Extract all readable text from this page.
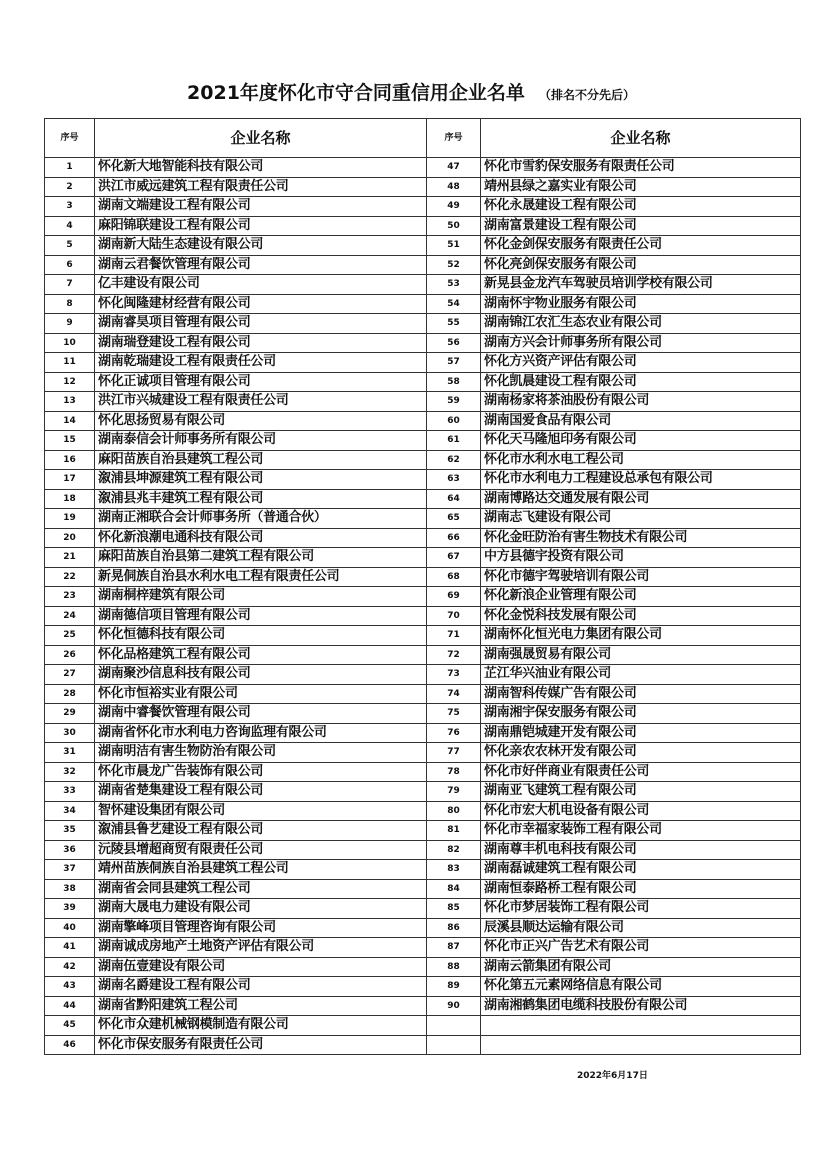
2021年度怀化市守合同重信用企业名单 （排名不分先后）
序号	企业名称	序号	企业名称
1	怀化新大地智能科技有限公司	47	怀化市雪豹保安服务有限责任公司
2	洪江市威远建筑工程有限责任公司	48	靖州县绿之嘉实业有限公司
3	湖南文端建设工程有限公司	49	怀化永晟建设工程有限公司
4	麻阳锦联建设工程有限公司	50	湖南富景建设工程有限公司
5	湖南新大陆生态建设有限公司	51	怀化金剑保安服务有限责任公司
6	湖南云君餐饮管理有限公司	52	怀化亮剑保安服务有限公司
7	亿丰建设有限公司	53	新晃县金龙汽车驾驶员培训学校有限公司
8	怀化闽隆建材经营有限公司	54	湖南怀宇物业服务有限公司
9	湖南睿昊项目管理有限公司	55	湖南锦江农汇生态农业有限公司
10	湖南瑞登建设工程有限公司	56	湖南方兴会计师事务所有限公司
11	湖南乾瑞建设工程有限责任公司	57	怀化方兴资产评估有限公司
12	怀化正诚项目管理有限公司	58	怀化凯晨建设工程有限公司
13	洪江市兴城建设工程有限责任公司	59	湖南杨家将茶油股份有限公司
14	怀化思扬贸易有限公司	60	湖南国爱食品有限公司
15	湖南泰信会计师事务所有限公司	61	怀化天马隆旭印务有限公司
16	麻阳苗族自治县建筑工程公司	62	怀化市水利水电工程公司
17	溆浦县坤源建筑工程有限公司	63	怀化市水利电力工程建设总承包有限公司
18	溆浦县兆丰建筑工程有限公司	64	湖南博路达交通发展有限公司
19	湖南正湘联合会计师事务所（普通合伙）	65	湖南志飞建设有限公司
20	怀化新浪潮电通科技有限公司	66	怀化金旺防治有害生物技术有限公司
21	麻阳苗族自治县第二建筑工程有限公司	67	中方县德宇投资有限公司
22	新晃侗族自治县水利水电工程有限责任公司	68	怀化市德宇驾驶培训有限公司
23	湖南桐梓建筑有限公司	69	怀化新浪企业管理有限公司
24	湖南德信项目管理有限公司	70	怀化金悦科技发展有限公司
25	怀化恒德科技有限公司	71	湖南怀化恒光电力集团有限公司
26	怀化品格建筑工程有限公司	72	湖南强晟贸易有限公司
27	湖南聚沙信息科技有限公司	73	芷江华兴油业有限公司
28	怀化市恒裕实业有限公司	74	湖南智科传媒广告有限公司
29	湖南中睿餐饮管理有限公司	75	湖南湘宇保安服务有限公司
30	湖南省怀化市水利电力咨询监理有限公司	76	湖南鼎铠城建开发有限公司
31	湖南明洁有害生物防治有限公司	77	怀化亲农农林开发有限公司
32	怀化市晨龙广告装饰有限公司	78	怀化市好伴商业有限责任公司
33	湖南省楚集建设工程有限公司	79	湖南亚飞建筑工程有限公司
34	智怀建设集团有限公司	80	怀化市宏大机电设备有限公司
35	溆浦县鲁艺建设工程有限公司	81	怀化市幸福家装饰工程有限公司
36	沅陵县增超商贸有限责任公司	82	湖南尊丰机电科技有限公司
37	靖州苗族侗族自治县建筑工程公司	83	湖南磊诚建筑工程有限公司
38	湖南省会同县建筑工程公司	84	湖南恒泰路桥工程有限公司
39	湖南大晟电力建设有限公司	85	怀化市梦居装饰工程有限公司
40	湖南擎峰项目管理咨询有限公司	86	辰溪县顺达运输有限公司
41	湖南诚成房地产土地资产评估有限公司	87	怀化市正兴广告艺术有限公司
42	湖南伍壹建设有限公司	88	湖南云箭集团有限公司
43	湖南名爵建设工程有限公司	89	怀化第五元素网络信息有限公司
44	湖南省黔阳建筑工程公司	90	湖南湘鹤集团电缆科技股份有限公司
45	怀化市众建机械钢模制造有限公司		
46	怀化市保安服务有限责任公司		
2022年6月17日
